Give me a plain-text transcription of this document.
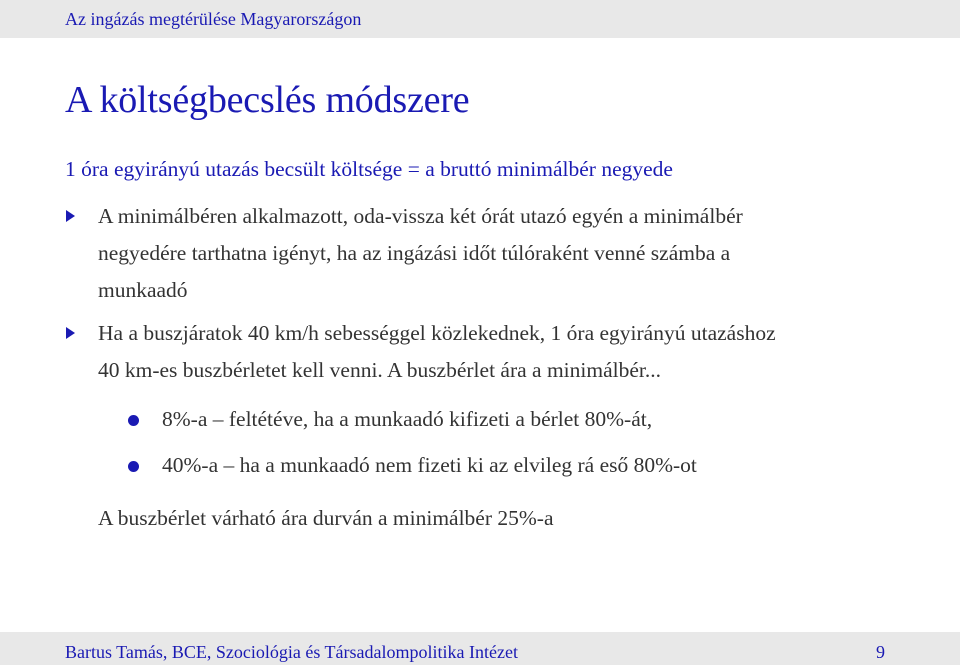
Az ingázás megtérülése Magyarországon
A költségbecslés módszere
1 óra egyirányú utazás becsült költsége = a bruttó minimálbér negyede
A minimálbéren alkalmazott, oda-vissza két órát utazó egyén a minimálbér
negyedére tarthatna igényt, ha az ingázási időt túlóraként venné számba a
munkaadó
Ha a buszjáratok 40 km/h sebességgel közlekednek, 1 óra egyirányú utazáshoz
40 km-es buszbérletet kell venni. A buszbérlet ára a minimálbér...
8%-a – feltétéve, ha a munkaadó kifizeti a bérlet 80%-át,
40%-a – ha a munkaadó nem fizeti ki az elvileg rá eső 80%-ot
A buszbérlet várható ára durván a minimálbér 25%-a
Bartus Tamás, BCE, Szociológia és Társadalompolitika Intézet	9
